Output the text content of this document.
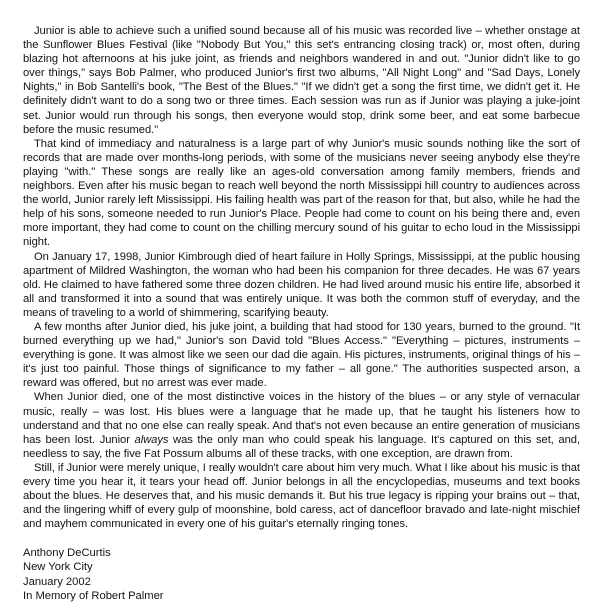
Junior is able to achieve such a unified sound because all of his music was recorded live – whether onstage at the Sunflower Blues Festival (like "Nobody But You," this set's entrancing closing track) or, most often, during blazing hot afternoons at his juke joint, as friends and neighbors wandered in and out. "Junior didn't like to go over things," says Bob Palmer, who produced Junior's first two albums, "All Night Long" and "Sad Days, Lonely Nights," in Bob Santelli's book, "The Best of the Blues." "If we didn't get a song the first time, we didn't get it. He definitely didn't want to do a song two or three times. Each session was run as if Junior was playing a juke-joint set. Junior would run through his songs, then everyone would stop, drink some beer, and eat some barbecue before the music resumed."

That kind of immediacy and naturalness is a large part of why Junior's music sounds nothing like the sort of records that are made over months-long periods, with some of the musicians never seeing anybody else they're playing "with." These songs are really like an ages-old conversation among family members, friends and neighbors. Even after his music began to reach well beyond the north Mississippi hill country to audiences across the world, Junior rarely left Mississippi. His failing health was part of the reason for that, but also, while he had the help of his sons, someone needed to run Junior's Place. People had come to count on his being there and, even more important, they had come to count on the chilling mercury sound of his guitar to echo loud in the Mississippi night.

On January 17, 1998, Junior Kimbrough died of heart failure in Holly Springs, Mississippi, at the public housing apartment of Mildred Washington, the woman who had been his companion for three decades. He was 67 years old. He claimed to have fathered some three dozen children. He had lived around music his entire life, absorbed it all and transformed it into a sound that was entirely unique. It was both the common stuff of everyday, and the means of traveling to a world of shimmering, scarifying beauty.

A few months after Junior died, his juke joint, a building that had stood for 130 years, burned to the ground. "It burned everything up we had," Junior's son David told "Blues Access." "Everything – pictures, instruments – everything is gone. It was almost like we seen our dad die again. His pictures, instruments, original things of his – it's just too painful. Those things of significance to my father – all gone." The authorities suspected arson, a reward was offered, but no arrest was ever made.

When Junior died, one of the most distinctive voices in the history of the blues – or any style of vernacular music, really – was lost. His blues were a language that he made up, that he taught his listeners how to understand and that no one else can really speak. And that's not even because an entire generation of musicians has been lost. Junior always was the only man who could speak his language. It's captured on this set, and, needless to say, the five Fat Possum albums all of these tracks, with one exception, are drawn from.

Still, if Junior were merely unique, I really wouldn't care about him very much. What I like about his music is that every time you hear it, it tears your head off. Junior belongs in all the encyclopedias, museums and text books about the blues. He deserves that, and his music demands it. But his true legacy is ripping your brains out – that, and the lingering whiff of every gulp of moonshine, bold caress, act of dancefloor bravado and late-night mischief and mayhem communicated in every one of his guitar's eternally ringing tones.

Anthony DeCurtis
New York City
January 2002
In Memory of Robert Palmer
